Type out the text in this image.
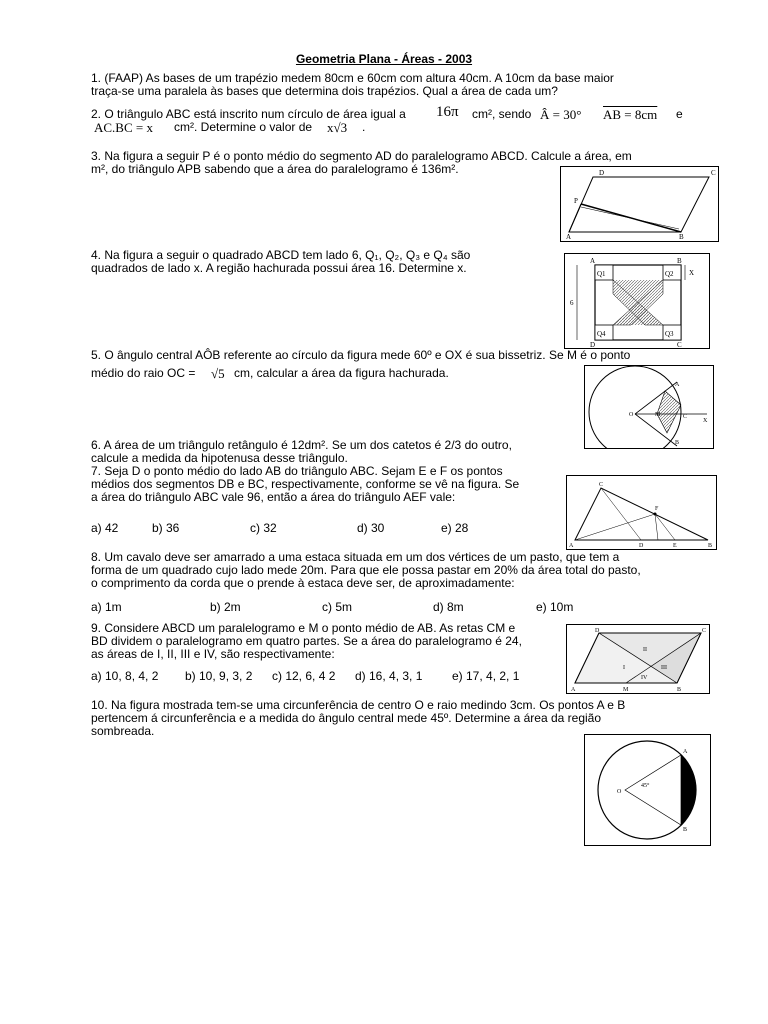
Geometria Plana - Áreas - 2003
1. (FAAP) As bases de um trapézio medem 80cm e 60cm com altura 40cm. A 10cm da base maior
traça-se uma paralela às bases que determina dois trapézios. Qual a área de cada um?
2. O triângulo ABC está inscrito num círculo de área igual a 16π cm², sendo Â = 30° AB = 8cm e
AC.BC = x cm². Determine o valor de x√3 .
3. Na figura a seguir P é o ponto médio do segmento AD do paralelogramo ABCD. Calcule a área, em
m², do triângulo APB sabendo que a área do paralelogramo é 136m².	D	C
P
A	B
4. Na figura a seguir o quadrado ABCD tem lado 6, Q₁, Q₂, Q₃ e Q₄ são
quadrados de lado x. A região hachurada possui área 16. Determine x.	Q1	Q2
Q4	Q3
A	B
D	C
6
X
5. O ângulo central AÔB referente ao círculo da figura mede 60º e OX é sua bissetriz. Se M é o ponto
médio do raio OC = √5 cm, calcular a área da figura hachurada.
O
A
B
M	C
X
6. A área de um triângulo retângulo é 12dm². Se um dos catetos é 2/3 do outro,
calcule a medida da hipotenusa desse triângulo.
7. Seja D o ponto médio do lado AB do triângulo ABC. Sejam E e F os pontos
médios dos segmentos DB e BC, respectivamente, conforme se vê na figura. Se
a área do triângulo ABC vale 96, então a área do triângulo AEF vale:
a) 42	b) 36	c) 32	d) 30	e) 28
A
C
B
D	E
F
8. Um cavalo deve ser amarrado a uma estaca situada em um dos vértices de um pasto, que tem a
forma de um quadrado cujo lado mede 20m. Para que ele possa pastar em 20% da área total do pasto,
o comprimento da corda que o prende à estaca deve ser, de aproximadamente:
a) 1m	b) 2m	c) 5m	d) 8m	e) 10m
9. Considere ABCD um paralelogramo e M o ponto médio de AB. As retas CM e
BD dividem o paralelogramo em quatro partes. Se a área do paralelogramo é 24,
as áreas de I, II, III e IV, são respectivamente:
a) 10, 8, 4, 2 b) 10, 9, 3, 2 c) 12, 6, 4 2 d) 16, 4, 3, 1 e) 17, 4, 2, 1
A
D	C
B
M
I
II
III
IV
10. Na figura mostrada tem-se uma circunferência de centro O e raio medindo 3cm. Os pontos A e B
pertencem á circunferência e a medida do ângulo central mede 45º. Determine a área da região
sombreada.
O
A
B
45°
